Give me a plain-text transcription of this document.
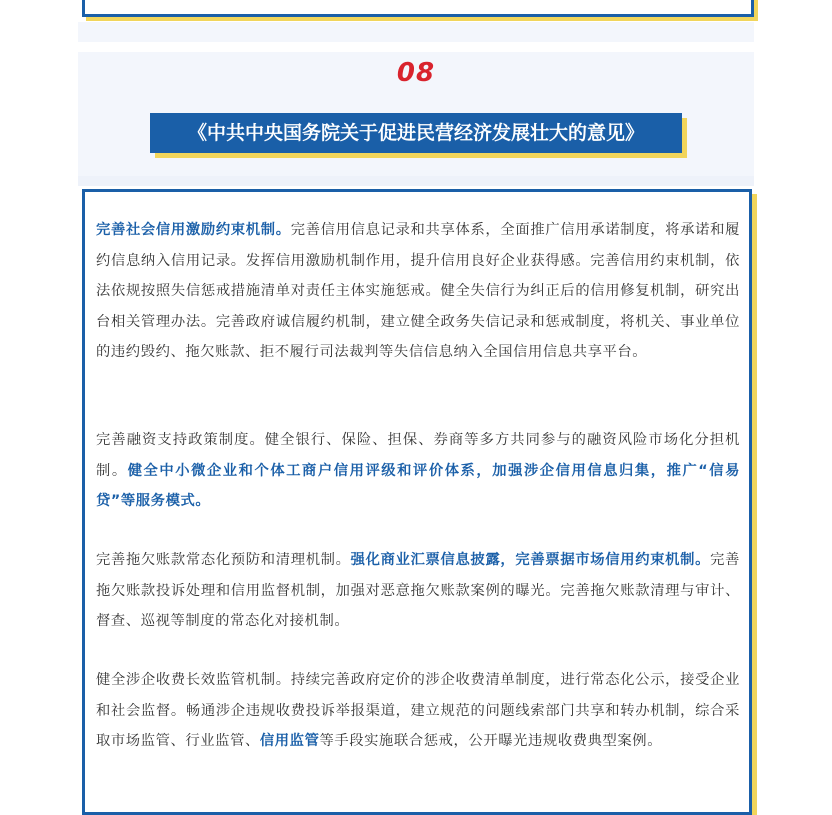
08
《中共中央国务院关于促进民营经济发展壮大的意见》

完善社会信用激励约束机制。完善信用信息记录和共享体系，全面推广信用承诺制度，将承诺和履约信息纳入信用记录。发挥信用激励机制作用，提升信用良好企业获得感。完善信用约束机制，依法依规按照失信惩戒措施清单对责任主体实施惩戒。健全失信行为纠正后的信用修复机制，研究出台相关管理办法。完善政府诚信履约机制，建立健全政务失信记录和惩戒制度，将机关、事业单位的违约毁约、拖欠账款、拒不履行司法裁判等失信信息纳入全国信用信息共享平台。

完善融资支持政策制度。健全银行、保险、担保、券商等多方共同参与的融资风险市场化分担机制。健全中小微企业和个体工商户信用评级和评价体系，加强涉企信用信息归集，推广“信易贷”等服务模式。

完善拖欠账款常态化预防和清理机制。强化商业汇票信息披露，完善票据市场信用约束机制。完善拖欠账款投诉处理和信用监督机制，加强对恶意拖欠账款案例的曝光。完善拖欠账款清理与审计、督查、巡视等制度的常态化对接机制。

健全涉企收费长效监管机制。持续完善政府定价的涉企收费清单制度，进行常态化公示，接受企业和社会监督。畅通涉企违规收费投诉举报渠道，建立规范的问题线索部门共享和转办机制，综合采取市场监管、行业监管、信用监管等手段实施联合惩戒，公开曝光违规收费典型案例。
